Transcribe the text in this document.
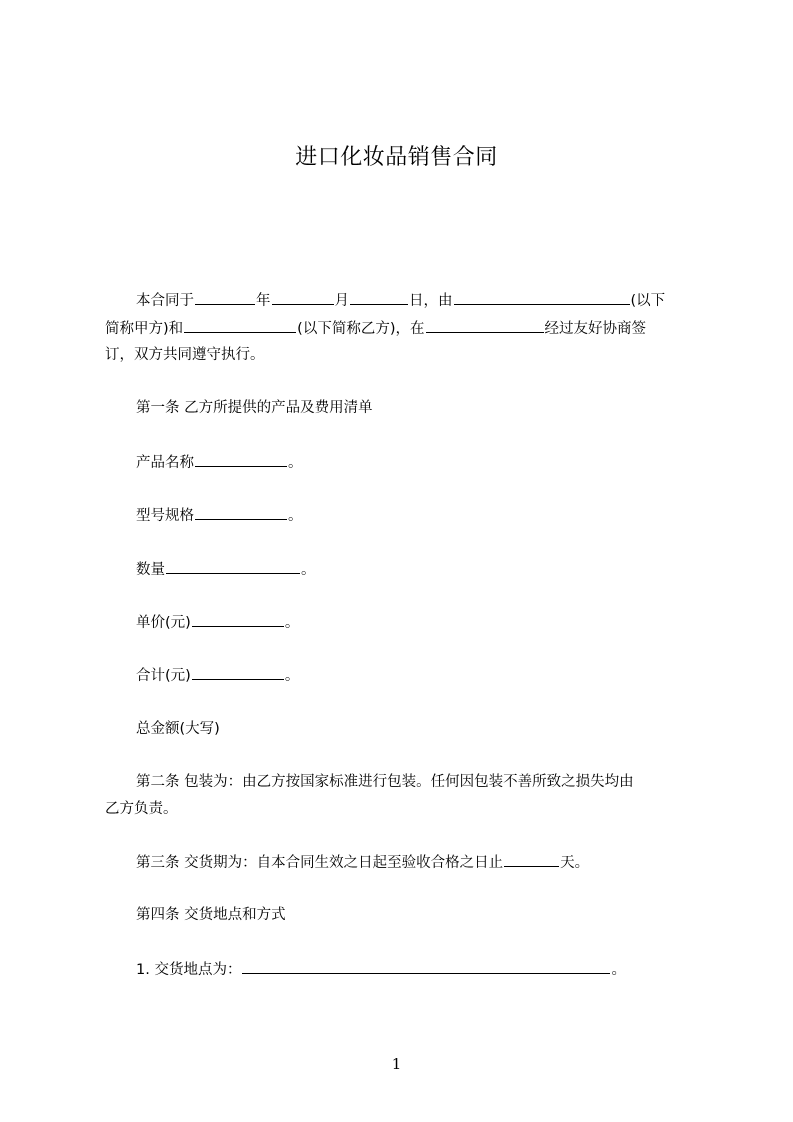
进口化妆品销售合同
本合同于	年	月	日，由	(以下
简称甲方)和	(以下简称乙方)，在	经过友好协商签
订，双方共同遵守执行。
第一条 乙方所提供的产品及费用清单
产品名称	。
型号规格	。
数量	。
单价(元)	。
合计(元)	。
总金额(大写)
第二条 包装为：由乙方按国家标准进行包装。任何因包装不善所致之损失均由
乙方负责。
第三条 交货期为：自本合同生效之日起至验收合格之日止	天。
第四条 交货地点和方式
1. 交货地点为：	。
1
